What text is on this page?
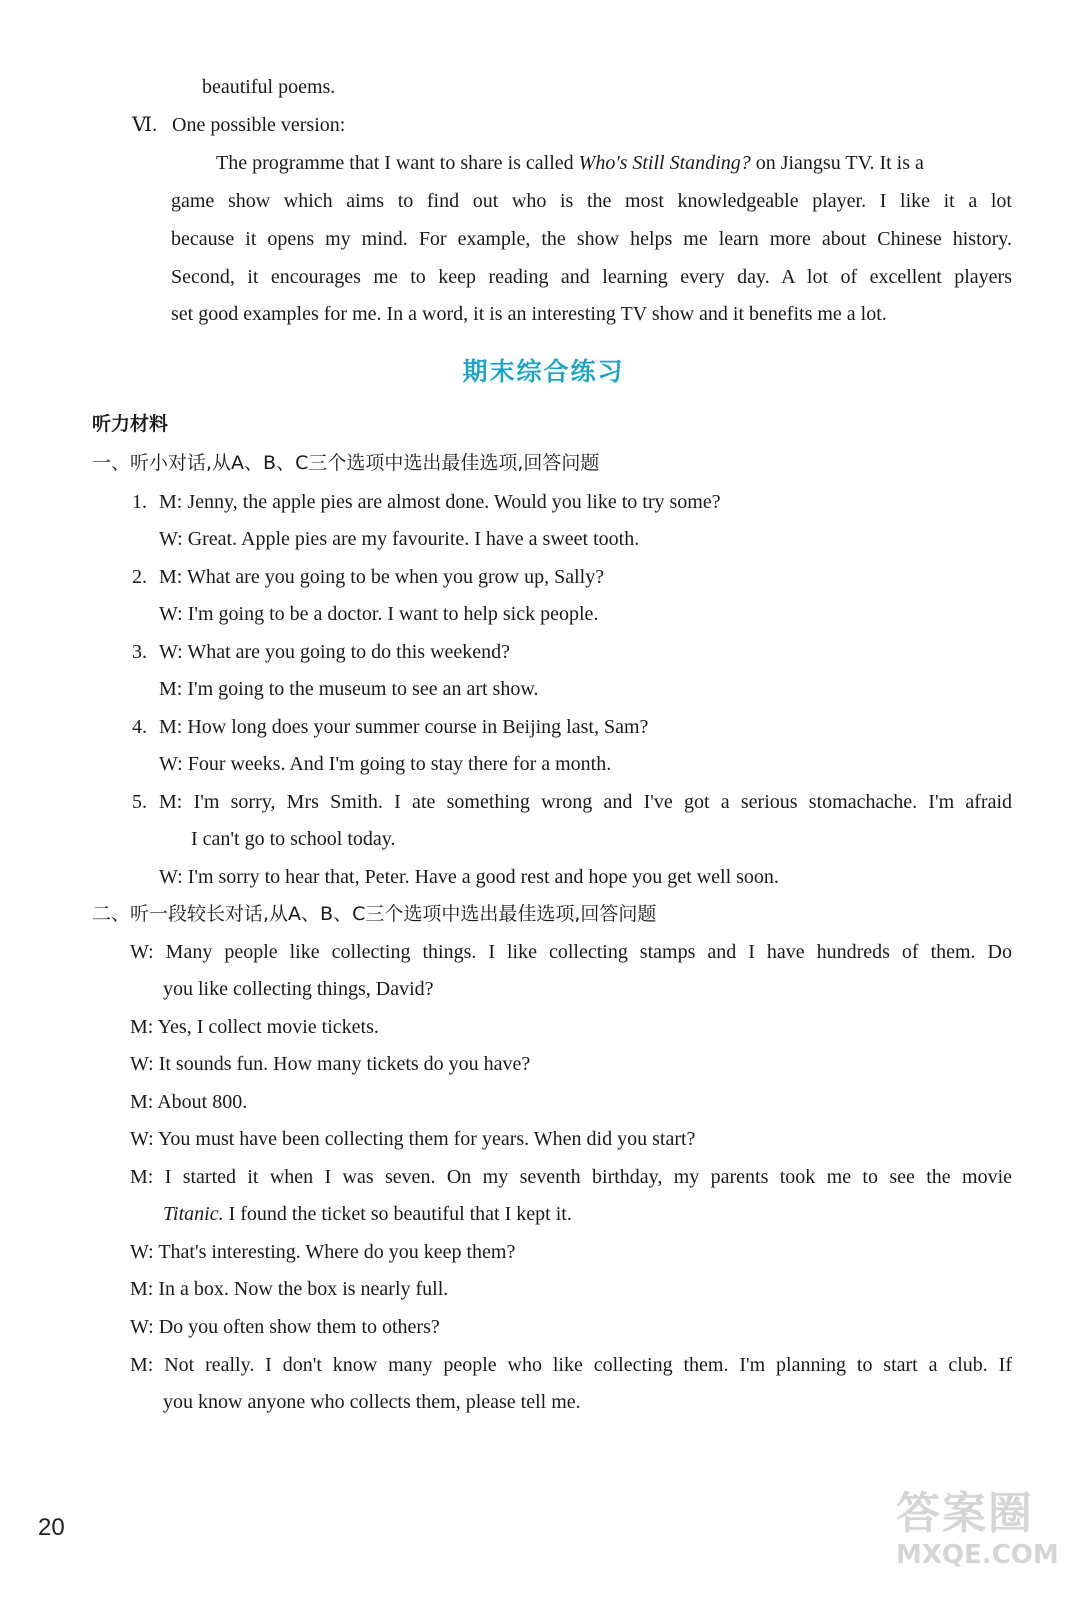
beautiful poems.
Ⅵ. One possible version:
The programme that I want to share is called Who's Still Standing? on Jiangsu TV. It is a
game show which aims to find out who is the most knowledgeable player. I like it a lot
because it opens my mind. For example, the show helps me learn more about Chinese history.
Second, it encourages me to keep reading and learning every day. A lot of excellent players
set good examples for me. In a word, it is an interesting TV show and it benefits me a lot.
期末综合练习
听力材料
一、听小对话,从A、B、C三个选项中选出最佳选项,回答问题
1. M: Jenny, the apple pies are almost done. Would you like to try some?
W: Great. Apple pies are my favourite. I have a sweet tooth.
2. M: What are you going to be when you grow up, Sally?
W: I'm going to be a doctor. I want to help sick people.
3. W: What are you going to do this weekend?
M: I'm going to the museum to see an art show.
4. M: How long does your summer course in Beijing last, Sam?
W: Four weeks. And I'm going to stay there for a month.
5. M: I'm sorry, Mrs Smith. I ate something wrong and I've got a serious stomachache. I'm afraid
I can't go to school today.
W: I'm sorry to hear that, Peter. Have a good rest and hope you get well soon.
二、听一段较长对话,从A、B、C三个选项中选出最佳选项,回答问题
W: Many people like collecting things. I like collecting stamps and I have hundreds of them. Do
you like collecting things, David?
M: Yes, I collect movie tickets.
W: It sounds fun. How many tickets do you have?
M: About 800.
W: You must have been collecting them for years. When did you start?
M: I started it when I was seven. On my seventh birthday, my parents took me to see the movie
Titanic. I found the ticket so beautiful that I kept it.
W: That's interesting. Where do you keep them?
M: In a box. Now the box is nearly full.
W: Do you often show them to others?
M: Not really. I don't know many people who like collecting them. I'm planning to start a club. If
you know anyone who collects them, please tell me.
20	答案圈
MXQE.COM
